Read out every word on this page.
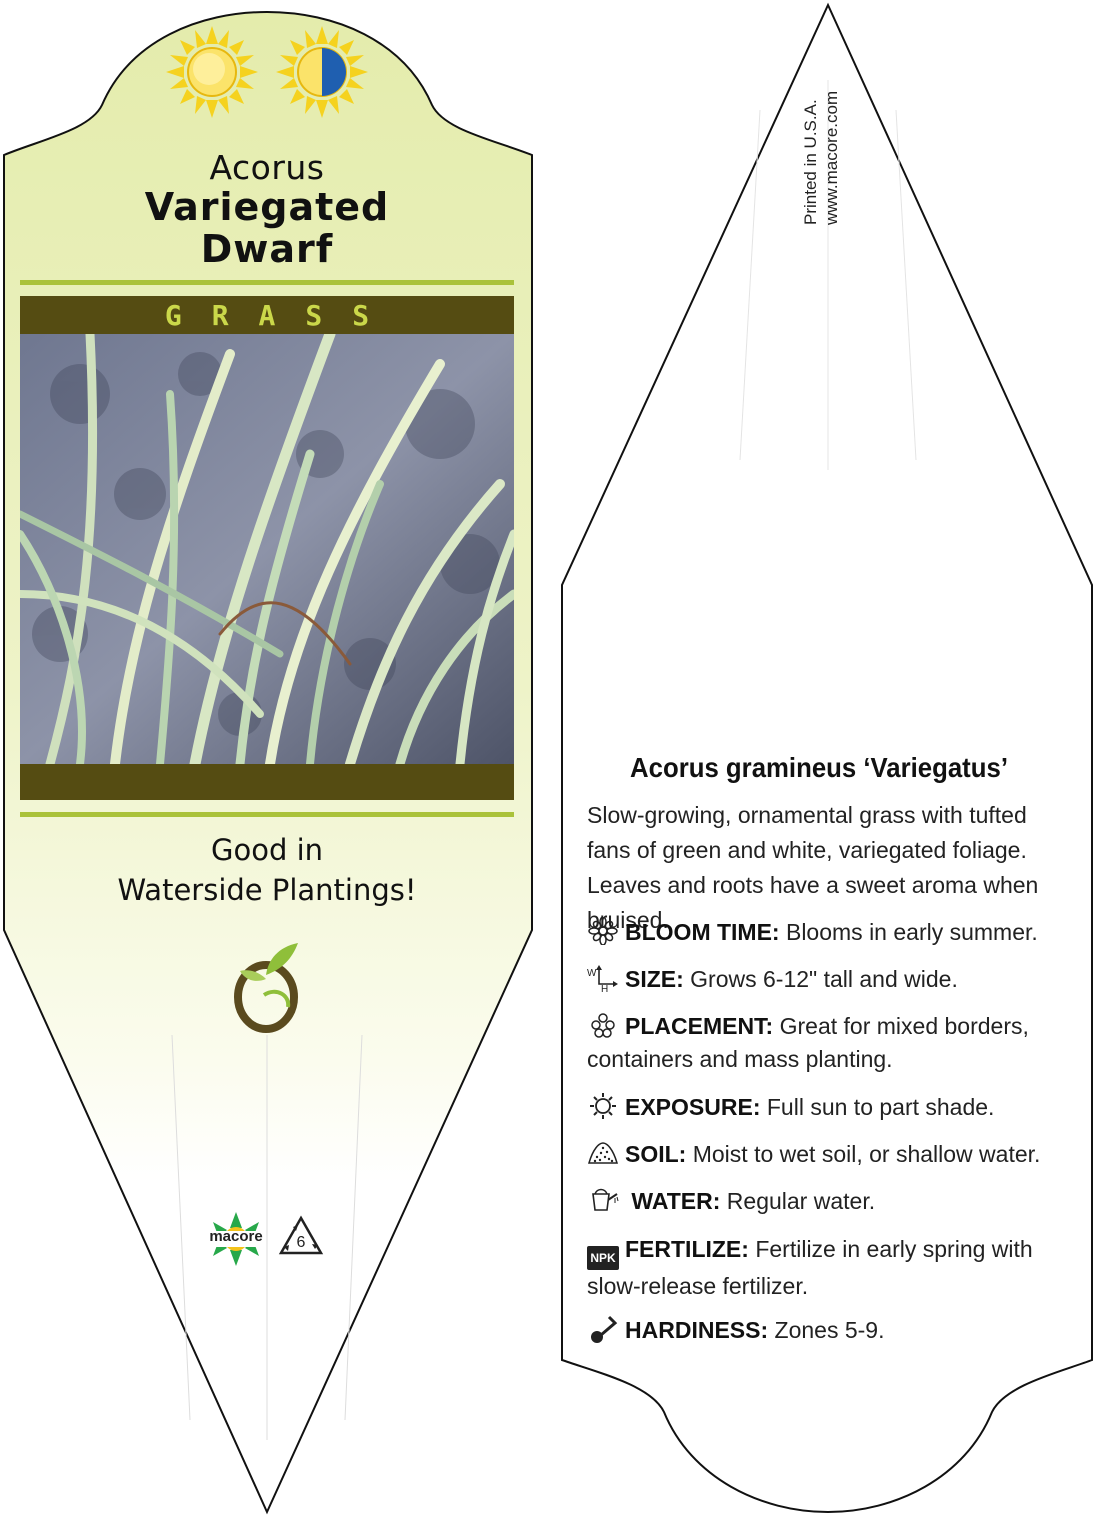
Acorus
Variegated
Dwarf
GRASS
Good in
Waterside Plantings!
macore	6
Printed in U.S.A. www.macore.com
Acorus gramineus ‘Variegatus’

Slow-growing, ornamental grass with tufted fans of green and white, variegated foliage. Leaves and roots have a sweet aroma when bruised.

BLOOM TIME: Blooms in early summer.
W
H SIZE: Grows 6-12" tall and wide.
PLACEMENT: Great for mixed borders, containers and mass planting.
EXPOSURE: Full sun to part shade.
SOIL: Moist to wet soil, or shallow water.
WATER: Regular water.
NPK FERTILIZE: Fertilize in early spring with slow-release fertilizer.
HARDINESS: Zones 5-9.
